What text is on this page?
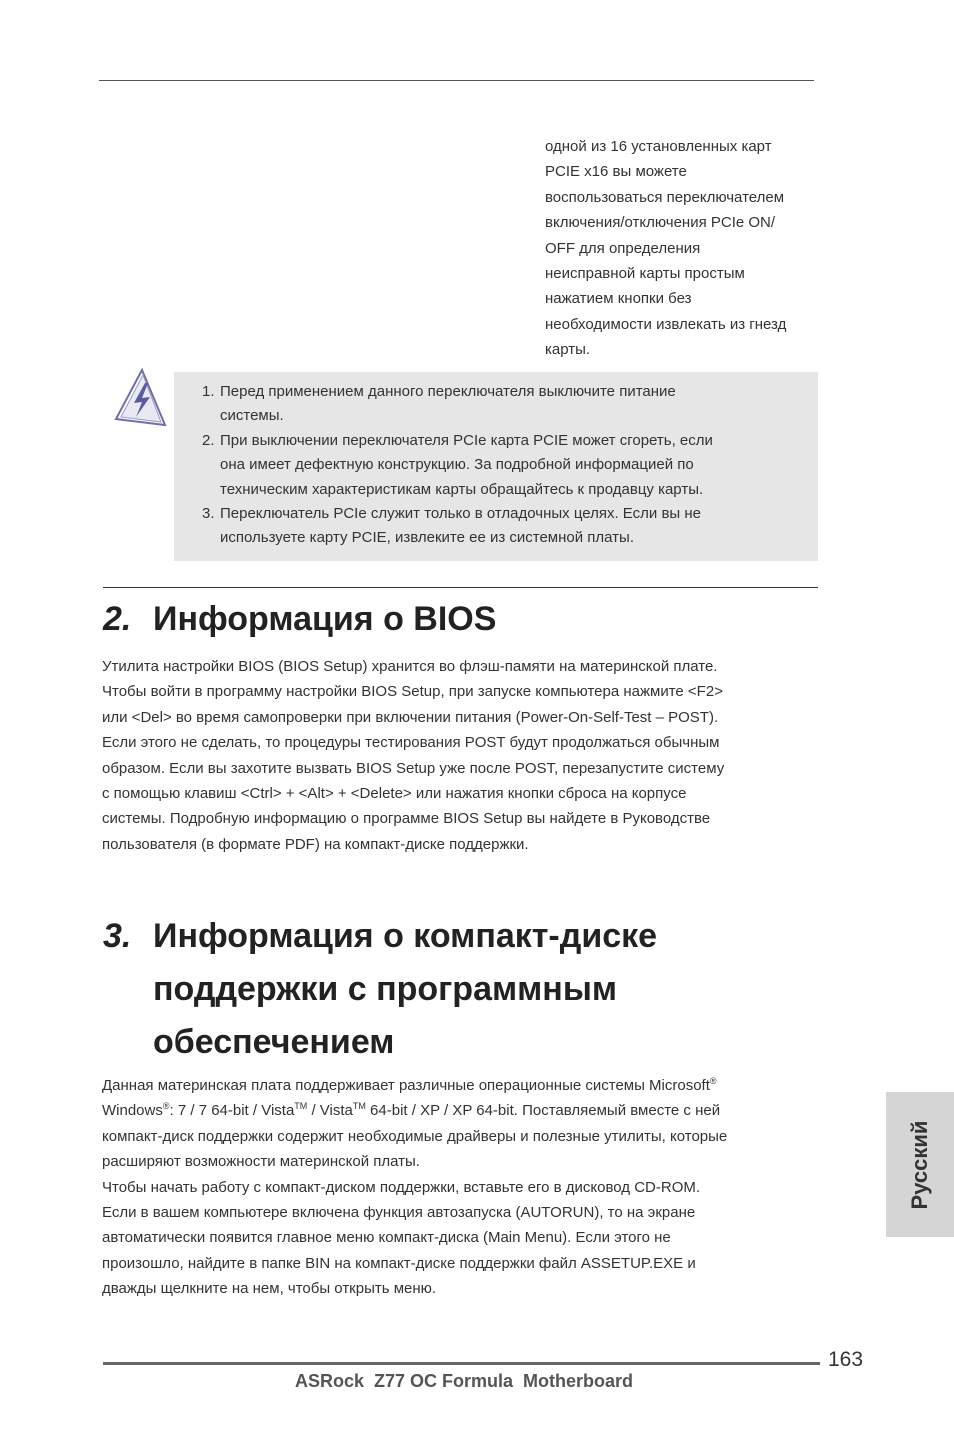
одной из 16 установленных карт
PCIE x16 вы можете
воспользоваться переключателем
включения/отключения PCIe ON/
OFF для определения
неисправной карты простым
нажатием кнопки без
необходимости извлекать из гнезд
карты.
1. Перед применением данного переключателя выключите питание
системы.
2. При выключении переключателя PCIe карта PCIE может сгореть, если
она имеет дефектную конструкцию. За подробной информацией по
техническим характеристикам карты обращайтесь к продавцу карты.
3. Переключатель PCIe служит только в отладочных целях. Если вы не
используете карту PCIE, извлеките ее из системной платы.
2. Информация о BIOS
Утилита настройки BIOS (BIOS Setup) хранится во флэш-памяти на материнской плате.
Чтобы войти в программу настройки BIOS Setup, при запуске компьютера нажмите <F2>
или <Del> во время самопроверки при включении питания (Power-On-Self-Test – POST).
Если этого не сделать, то процедуры тестирования POST будут продолжаться обычным
образом. Если вы захотите вызвать BIOS Setup уже после POST, перезапустите систему
с помощью клавиш <Ctrl> + <Alt> + <Delete> или нажатия кнопки сброса на корпусе
системы. Подробную информацию о программе BIOS Setup вы найдете в Руководстве
пользователя (в формате PDF) на компакт-диске поддержки.
3. Информация о компакт-диске
поддержки с программным
обеспечением
Данная материнская плата поддерживает различные операционные системы Microsoft®
Windows®: 7 / 7 64-bit / Vista™ / Vista™ 64-bit / XP / XP 64-bit. Поставляемый вместе с ней
компакт-диск поддержки содержит необходимые драйверы и полезные утилиты, которые
расширяют возможности материнской платы.
Чтобы начать работу с компакт-диском поддержки, вставьте его в дисковод CD-ROM.
Если в вашем компьютере включена функция автозапуска (AUTORUN), то на экране
автоматически появится главное меню компакт-диска (Main Menu). Если этого не
произошло, найдите в папке BIN на компакт-диске поддержки файл ASSETUP.EXE и
дважды щелкните на нем, чтобы открыть меню.
Русский
163
ASRock  Z77 OC Formula  Motherboard
